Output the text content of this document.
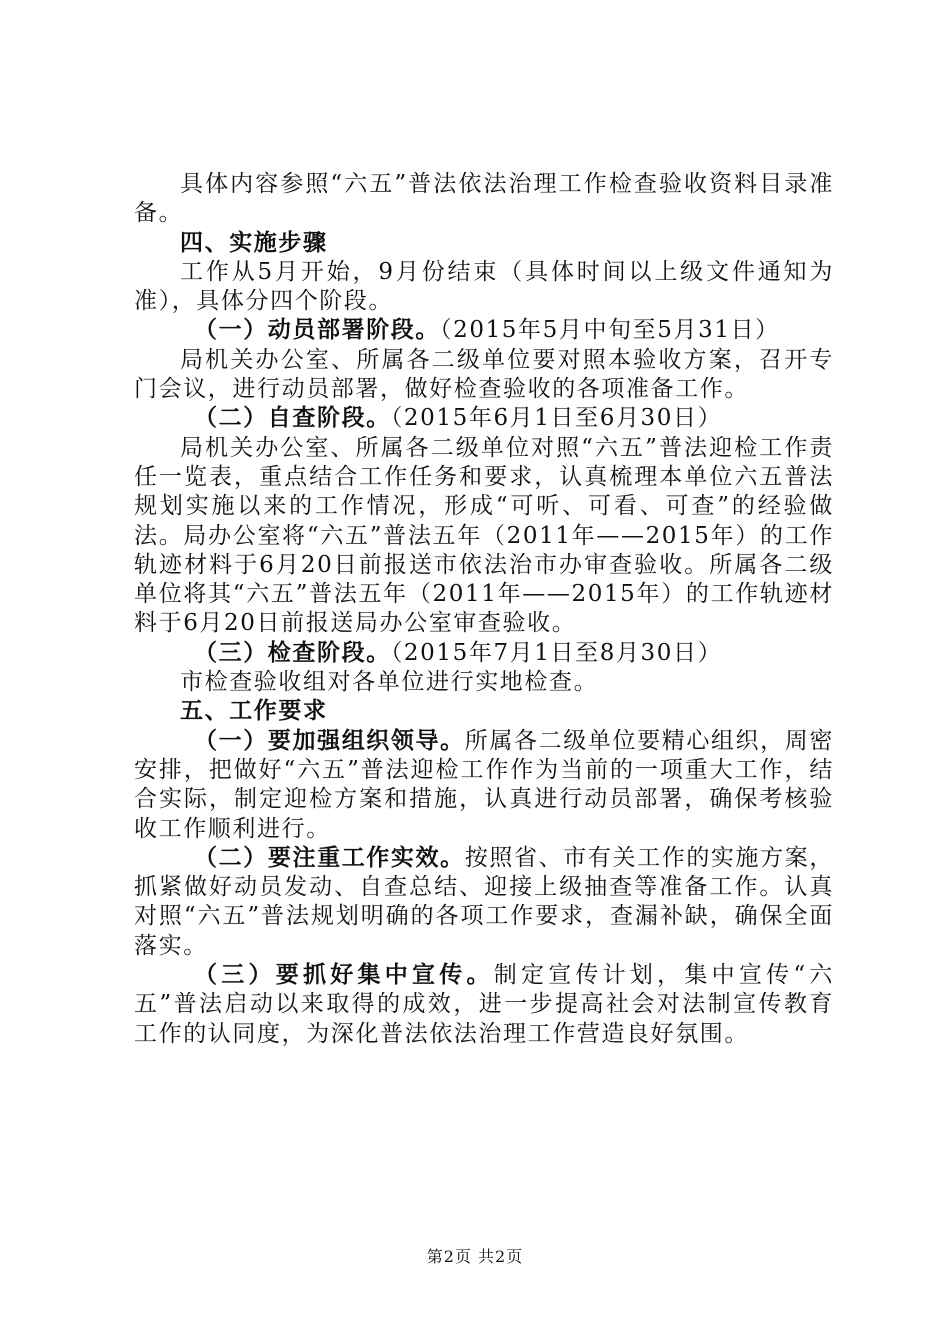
具体内容参照“六五”普法依法治理工作检查验收资料目录准备。

四、实施步骤

工作从5月开始，9月份结束（具体时间以上级文件通知为准），具体分四个阶段。

（一）动员部署阶段。（2015年5月中旬至5月31日）

局机关办公室、所属各二级单位要对照本验收方案，召开专门会议，进行动员部署，做好检查验收的各项准备工作。

（二）自查阶段。（2015年6月1日至6月30日）

局机关办公室、所属各二级单位对照“六五”普法迎检工作责任一览表，重点结合工作任务和要求，认真梳理本单位六五普法规划实施以来的工作情况，形成“可听、可看、可查”的经验做法。局办公室将“六五”普法五年（2011年——2015年）的工作轨迹材料于6月20日前报送市依法治市办审查验收。所属各二级单位将其“六五”普法五年（2011年——2015年）的工作轨迹材料于6月20日前报送局办公室审查验收。

（三）检查阶段。（2015年7月1日至8月30日）

市检查验收组对各单位进行实地检查。

五、工作要求

（一）要加强组织领导。所属各二级单位要精心组织，周密安排，把做好“六五”普法迎检工作作为当前的一项重大工作，结合实际，制定迎检方案和措施，认真进行动员部署，确保考核验收工作顺利进行。

（二）要注重工作实效。按照省、市有关工作的实施方案，抓紧做好动员发动、自查总结、迎接上级抽查等准备工作。认真对照“六五”普法规划明确的各项工作要求，查漏补缺，确保全面落实。

（三）要抓好集中宣传。制定宣传计划，集中宣传“六五”普法启动以来取得的成效，进一步提高社会对法制宣传教育工作的认同度，为深化普法依法治理工作营造良好氛围。

第2页 共2页
